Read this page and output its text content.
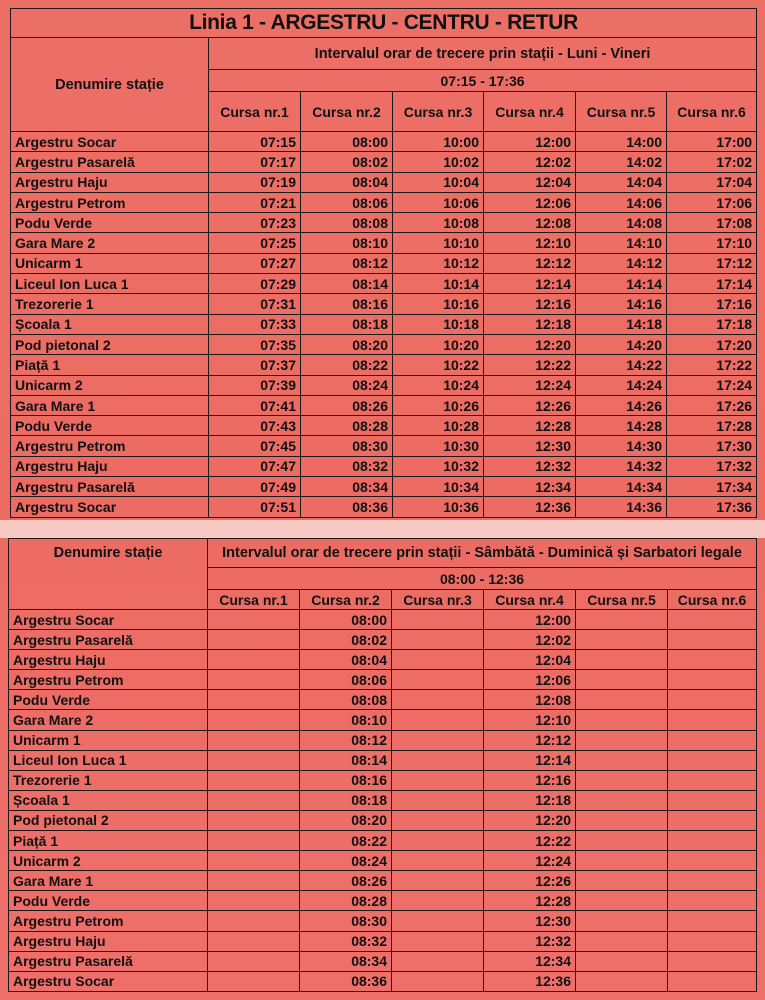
Linia 1 - ARGESTRU - CENTRU - RETUR						
Denumire stație	Intervalul orar de trecere prin stații - Luni - Vineri					
	07:15 - 17:36					
	Cursa nr.1	Cursa nr.2	Cursa nr.3	Cursa nr.4	Cursa nr.5	Cursa nr.6
Argestru Socar	07:15	08:00	10:00	12:00	14:00	17:00
Argestru Pasarelă	07:17	08:02	10:02	12:02	14:02	17:02
Argestru Haju	07:19	08:04	10:04	12:04	14:04	17:04
Argestru Petrom	07:21	08:06	10:06	12:06	14:06	17:06
Podu Verde	07:23	08:08	10:08	12:08	14:08	17:08
Gara Mare 2	07:25	08:10	10:10	12:10	14:10	17:10
Unicarm 1	07:27	08:12	10:12	12:12	14:12	17:12
Liceul Ion Luca 1	07:29	08:14	10:14	12:14	14:14	17:14
Trezorerie 1	07:31	08:16	10:16	12:16	14:16	17:16
Școala 1	07:33	08:18	10:18	12:18	14:18	17:18
Pod pietonal 2	07:35	08:20	10:20	12:20	14:20	17:20
Piață 1	07:37	08:22	10:22	12:22	14:22	17:22
Unicarm 2	07:39	08:24	10:24	12:24	14:24	17:24
Gara Mare 1	07:41	08:26	10:26	12:26	14:26	17:26
Podu Verde	07:43	08:28	10:28	12:28	14:28	17:28
Argestru Petrom	07:45	08:30	10:30	12:30	14:30	17:30
Argestru Haju	07:47	08:32	10:32	12:32	14:32	17:32
Argestru Pasarelă	07:49	08:34	10:34	12:34	14:34	17:34
Argestru Socar	07:51	08:36	10:36	12:36	14:36	17:36
Denumire stație	Intervalul orar de trecere prin stații - Sâmbătă - Duminică și Sarbatori legale					
	08:00 - 12:36					
	Cursa nr.1	Cursa nr.2	Cursa nr.3	Cursa nr.4	Cursa nr.5	Cursa nr.6
Argestru Socar		08:00		12:00		
Argestru Pasarelă		08:02		12:02		
Argestru Haju		08:04		12:04		
Argestru Petrom		08:06		12:06		
Podu Verde		08:08		12:08		
Gara Mare 2		08:10		12:10		
Unicarm 1		08:12		12:12		
Liceul Ion Luca 1		08:14		12:14		
Trezorerie 1		08:16		12:16		
Școala 1		08:18		12:18		
Pod pietonal 2		08:20		12:20		
Piață 1		08:22		12:22		
Unicarm 2		08:24		12:24		
Gara Mare 1		08:26		12:26		
Podu Verde		08:28		12:28		
Argestru Petrom		08:30		12:30		
Argestru Haju		08:32		12:32		
Argestru Pasarelă		08:34		12:34		
Argestru Socar		08:36		12:36		
